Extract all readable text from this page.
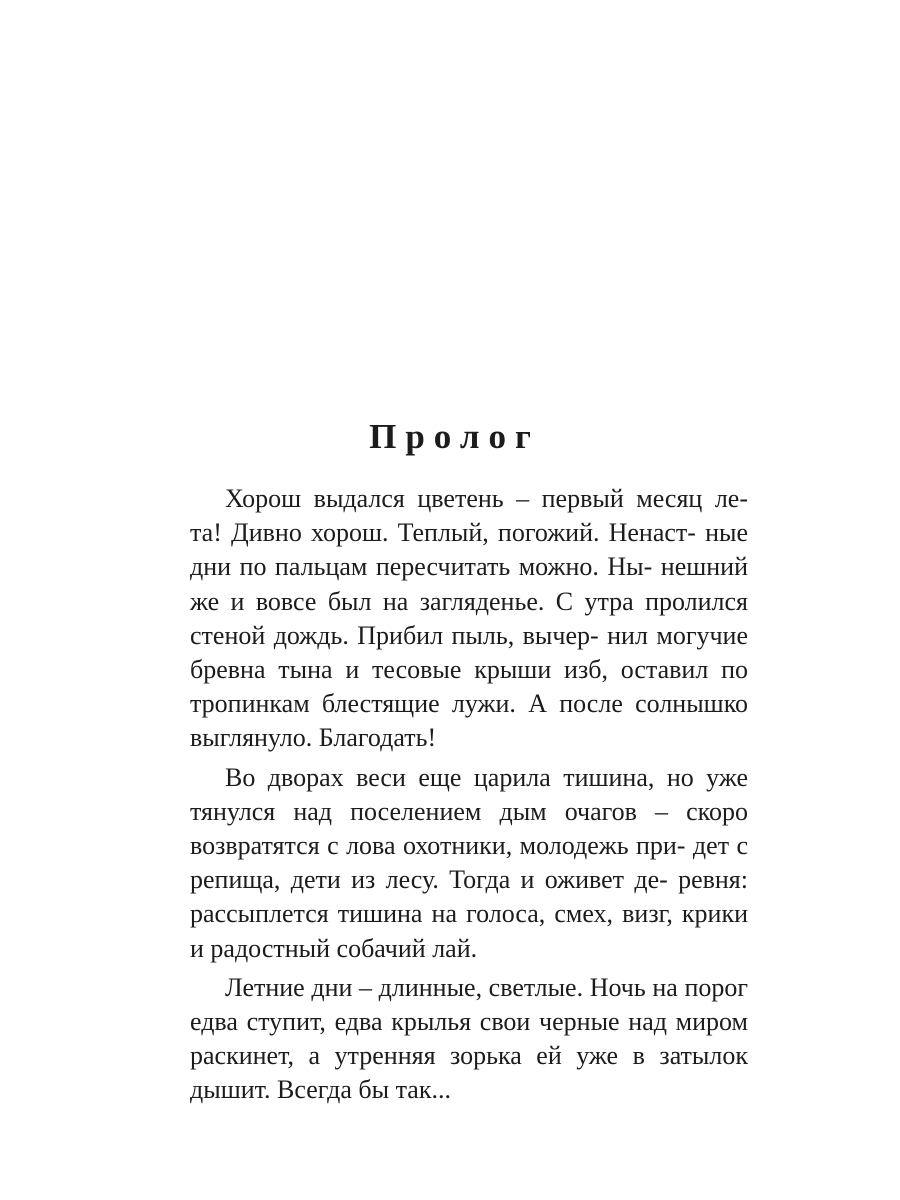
Пролог

Хорош выдался цветень – первый месяц ле- та! Дивно хорош. Теплый, погожий. Ненаст- ные дни по пальцам пересчитать можно. Ны- нешний же и вовсе был на загляденье. С утра пролился стеной дождь. Прибил пыль, вычер- нил могучие бревна тына и тесовые крыши изб, оставил по тропинкам блестящие лужи. А после солнышко выглянуло. Благодать!

Во дворах веси еще царила тишина, но уже тянулся над поселением дым очагов – скоро возвратятся с лова охотники, молодежь при- дет с репища, дети из лесу. Тогда и оживет де- ревня: рассыплется тишина на голоса, смех, визг, крики и радостный собачий лай.

Летние дни – длинные, светлые. Ночь на порог едва ступит, едва крылья свои черные над миром раскинет, а утренняя зорька ей уже в затылок дышит. Всегда бы так...
